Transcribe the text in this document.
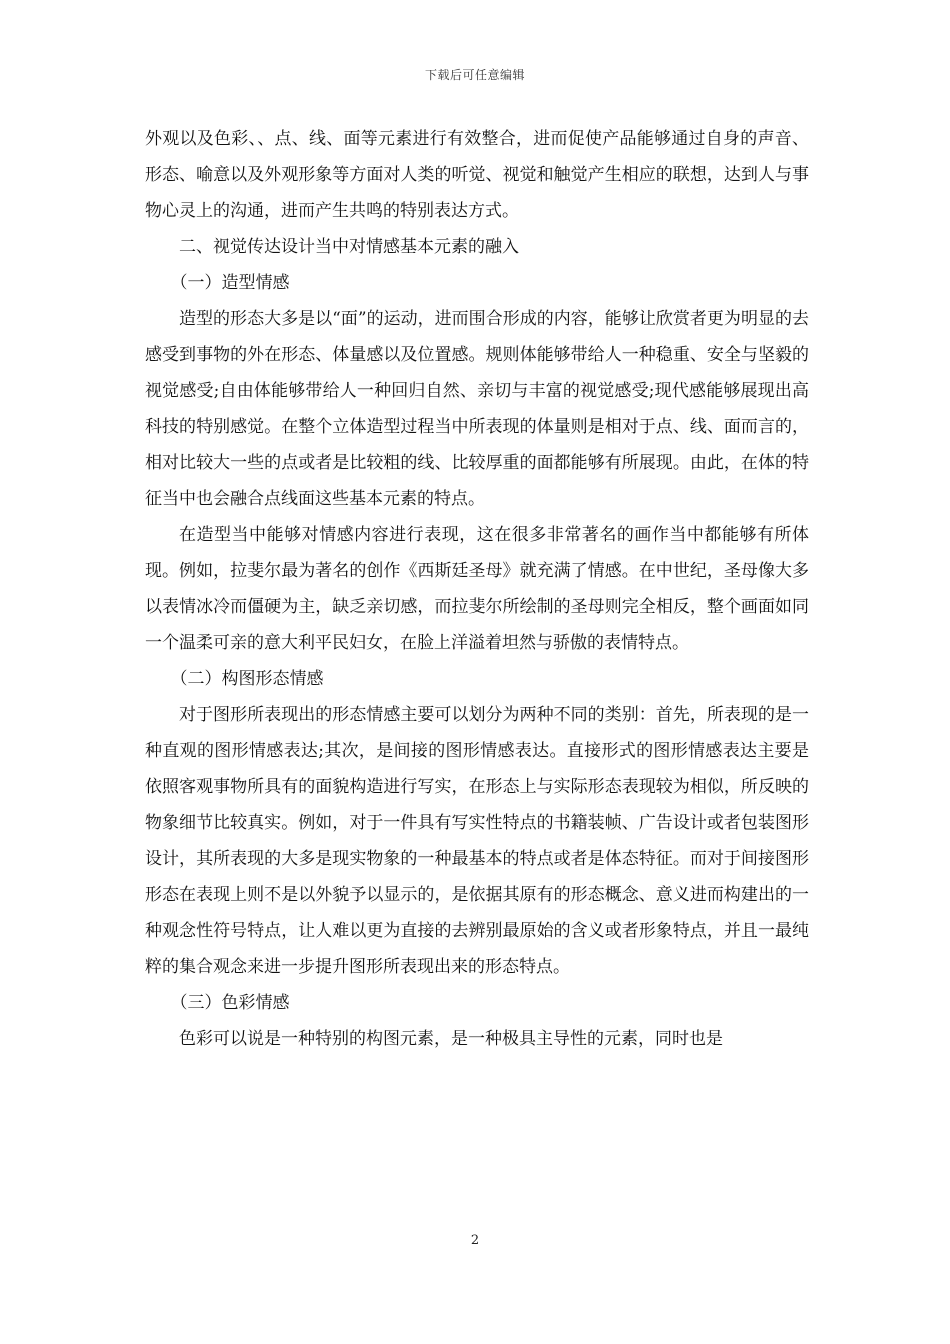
下载后可任意编辑

外观以及色彩、、点、线、面等元素进行有效整合，进而促使产品能够通过自身的声音、形态、喻意以及外观形象等方面对人类的听觉、视觉和触觉产生相应的联想，达到人与事物心灵上的沟通，进而产生共鸣的特别表达方式。

二、视觉传达设计当中对情感基本元素的融入

（一）造型情感

造型的形态大多是以“面”的运动，进而围合形成的内容，能够让欣赏者更为明显的去感受到事物的外在形态、体量感以及位置感。规则体能够带给人一种稳重、安全与坚毅的视觉感受;自由体能够带给人一种回归自然、亲切与丰富的视觉感受;现代感能够展现出高科技的特别感觉。在整个立体造型过程当中所表现的体量则是相对于点、线、面而言的，相对比较大一些的点或者是比较粗的线、比较厚重的面都能够有所展现。由此，在体的特征当中也会融合点线面这些基本元素的特点。

在造型当中能够对情感内容进行表现，这在很多非常著名的画作当中都能够有所体现。例如，拉斐尔最为著名的创作《西斯廷圣母》就充满了情感。在中世纪，圣母像大多以表情冰冷而僵硬为主，缺乏亲切感，而拉斐尔所绘制的圣母则完全相反，整个画面如同一个温柔可亲的意大利平民妇女，在脸上洋溢着坦然与骄傲的表情特点。

（二）构图形态情感

对于图形所表现出的形态情感主要可以划分为两种不同的类别：首先，所表现的是一种直观的图形情感表达;其次，是间接的图形情感表达。直接形式的图形情感表达主要是依照客观事物所具有的面貌构造进行写实，在形态上与实际形态表现较为相似，所反映的物象细节比较真实。例如，对于一件具有写实性特点的书籍装帧、广告设计或者包装图形设计，其所表现的大多是现实物象的一种最基本的特点或者是体态特征。而对于间接图形形态在表现上则不是以外貌予以显示的，是依据其原有的形态概念、意义进而构建出的一种观念性符号特点，让人难以更为直接的去辨别最原始的含义或者形象特点，并且一最纯粹的集合观念来进一步提升图形所表现出来的形态特点。

（三）色彩情感

色彩可以说是一种特别的构图元素，是一种极具主导性的元素，同时也是

2
